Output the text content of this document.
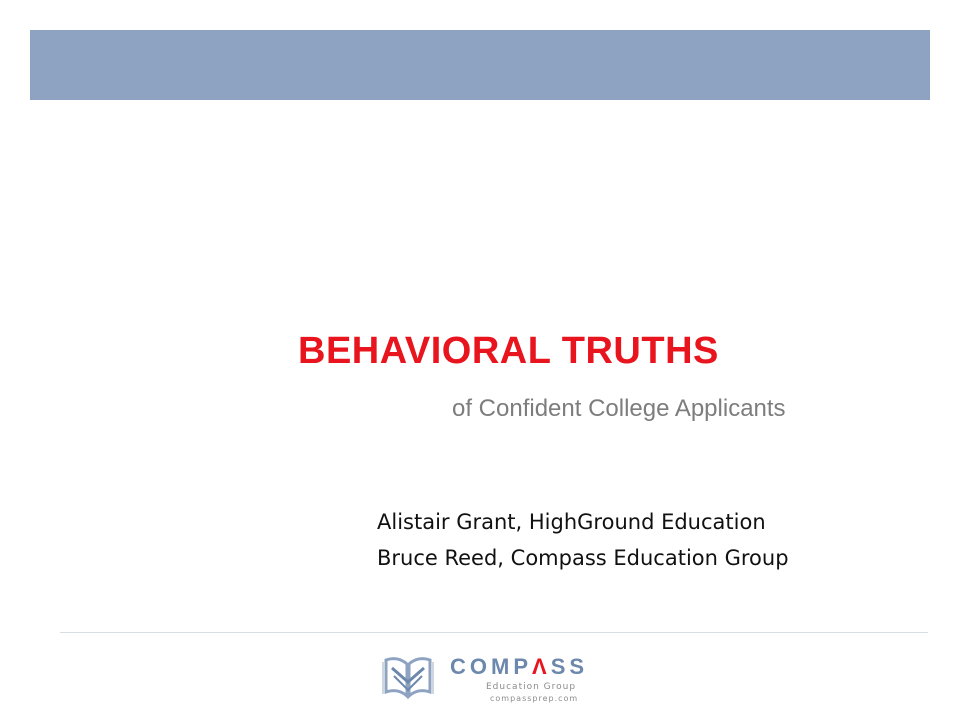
BEHAVIORAL TRUTHS
of Confident College Applicants
Alistair Grant, HighGround Education
Bruce Reed, Compass Education Group
COMPΛSS
Education Group
compassprep.com
